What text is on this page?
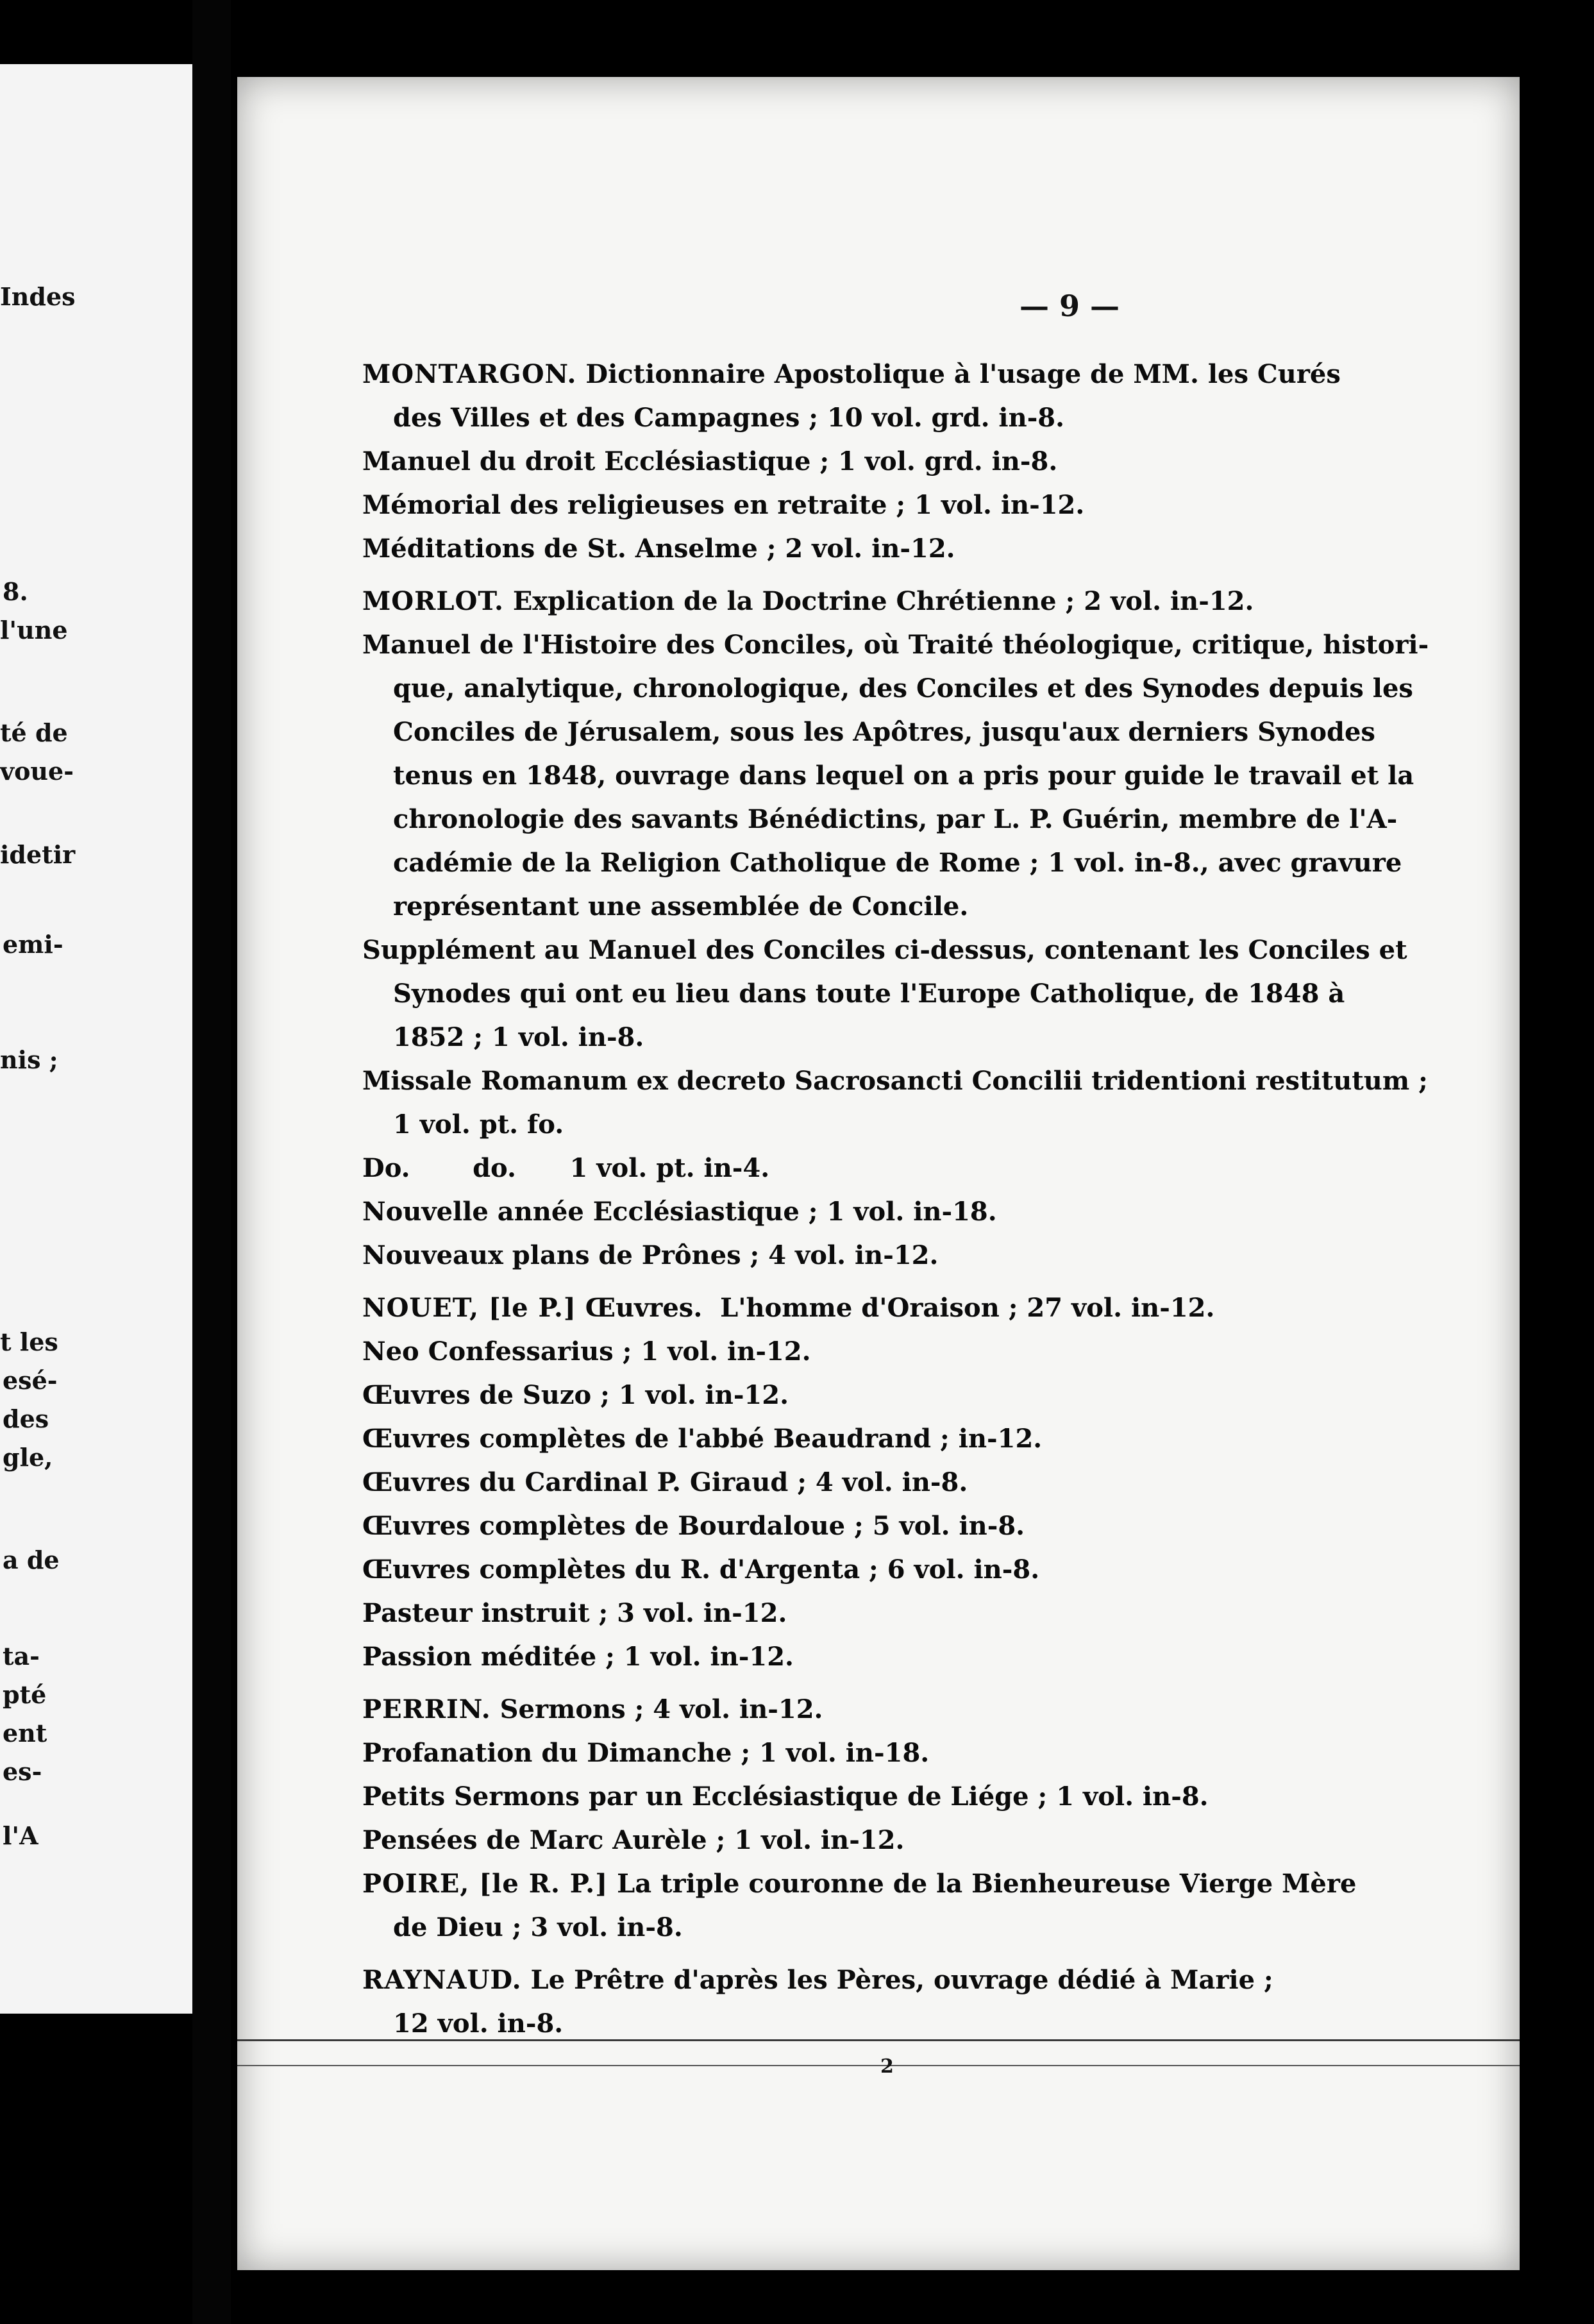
Indes
8.
l'une
té de
voue-
idetir
emi-
nis ;
t les
esé-
des
gle,
a de
ta-
pté
ent
es-
l'A
— 9 —
MONTARGON. Dictionnaire Apostolique à l'usage de MM. les Curés
des Villes et des Campagnes ; 10 vol. grd. in-8.
Manuel du droit Ecclésiastique ; 1 vol. grd. in-8.
Mémorial des religieuses en retraite ; 1 vol. in-12.
Méditations de St. Anselme ; 2 vol. in-12.
MORLOT. Explication de la Doctrine Chrétienne ; 2 vol. in-12.
Manuel de l'Histoire des Conciles, où Traité théologique, critique, histori-
que, analytique, chronologique, des Conciles et des Synodes depuis les
Conciles de Jérusalem, sous les Apôtres, jusqu'aux derniers Synodes
tenus en 1848, ouvrage dans lequel on a pris pour guide le travail et la
chronologie des savants Bénédictins, par L. P. Guérin, membre de l'A-
cadémie de la Religion Catholique de Rome ; 1 vol. in-8., avec gravure
représentant une assemblée de Concile.
Supplément au Manuel des Conciles ci-dessus, contenant les Conciles et
Synodes qui ont eu lieu dans toute l'Europe Catholique, de 1848 à
1852 ; 1 vol. in-8.
Missale Romanum ex decreto Sacrosancti Concilii tridentioni restitutum ;
1 vol. pt. fo.
Do.       do.      1 vol. pt. in-4.
Nouvelle année Ecclésiastique ; 1 vol. in-18.
Nouveaux plans de Prônes ; 4 vol. in-12.
NOUET, [le P.] Œuvres.  L'homme d'Oraison ; 27 vol. in-12.
Neo Confessarius ; 1 vol. in-12.
Œuvres de Suzo ; 1 vol. in-12.
Œuvres complètes de l'abbé Beaudrand ; in-12.
Œuvres du Cardinal P. Giraud ; 4 vol. in-8.
Œuvres complètes de Bourdaloue ; 5 vol. in-8.
Œuvres complètes du R. d'Argenta ; 6 vol. in-8.
Pasteur instruit ; 3 vol. in-12.
Passion méditée ; 1 vol. in-12.
PERRIN. Sermons ; 4 vol. in-12.
Profanation du Dimanche ; 1 vol. in-18.
Petits Sermons par un Ecclésiastique de Liége ; 1 vol. in-8.
Pensées de Marc Aurèle ; 1 vol. in-12.
POIRE, [le R. P.] La triple couronne de la Bienheureuse Vierge Mère
de Dieu ; 3 vol. in-8.
RAYNAUD. Le Prêtre d'après les Pères, ouvrage dédié à Marie ;
12 vol. in-8.
2
